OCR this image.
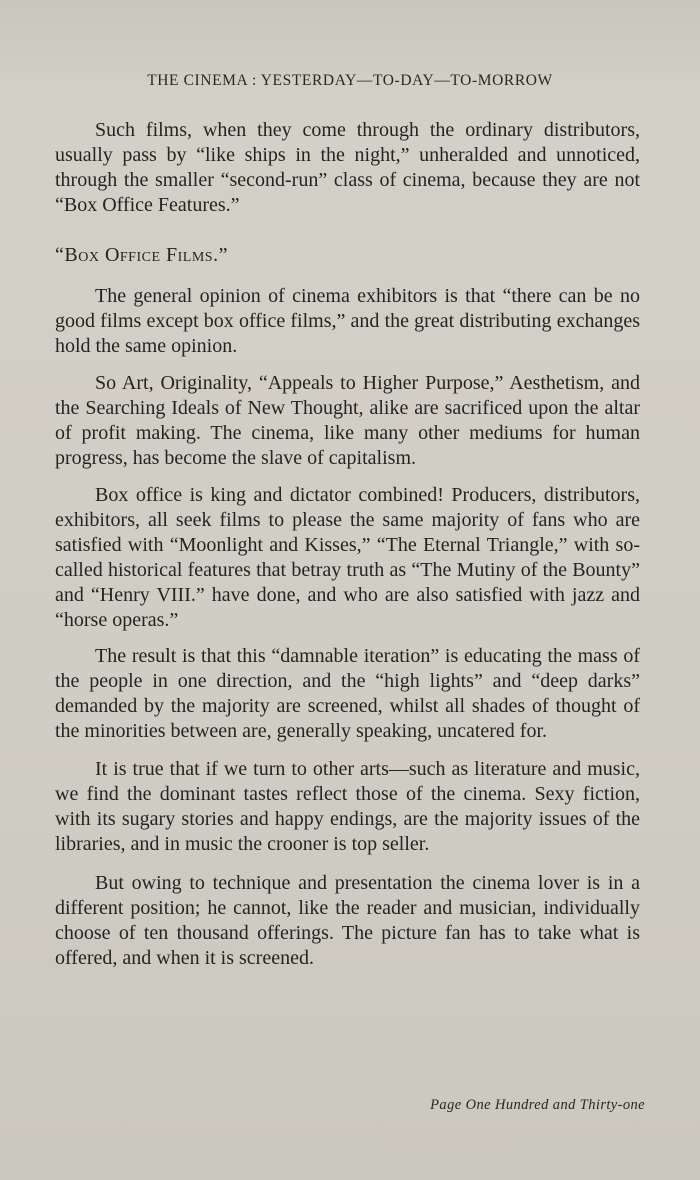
THE CINEMA : YESTERDAY—TO-DAY—TO-MORROW

Such films, when they come through the ordinary distributors, usually pass by “like ships in the night,” unheralded and unnoticed, through the smaller “second-run” class of cinema, because they are not “Box Office Features.”

“Box Office Films.”

The general opinion of cinema exhibitors is that “there can be no good films except box office films,” and the great distributing exchanges hold the same opinion.

So Art, Originality, “Appeals to Higher Purpose,” Aesthetism, and the Searching Ideals of New Thought, alike are sacrificed upon the altar of profit making. The cinema, like many other mediums for human progress, has become the slave of capitalism.

Box office is king and dictator combined! Producers, distributors, exhibitors, all seek films to please the same majority of fans who are satisfied with “Moonlight and Kisses,” “The Eternal Triangle,” with so-called historical features that betray truth as “The Mutiny of the Bounty” and “Henry VIII.” have done, and who are also satisfied with jazz and “horse operas.”

The result is that this “damnable iteration” is educating the mass of the people in one direction, and the “high lights” and “deep darks” demanded by the majority are screened, whilst all shades of thought of the minorities between are, generally speaking, uncatered for.

It is true that if we turn to other arts—such as literature and music, we find the dominant tastes reflect those of the cinema. Sexy fiction, with its sugary stories and happy endings, are the majority issues of the libraries, and in music the crooner is top seller.

But owing to technique and presentation the cinema lover is in a different position; he cannot, like the reader and musician, individually choose of ten thousand offerings. The picture fan has to take what is offered, and when it is screened.

Page One Hundred and Thirty-one
